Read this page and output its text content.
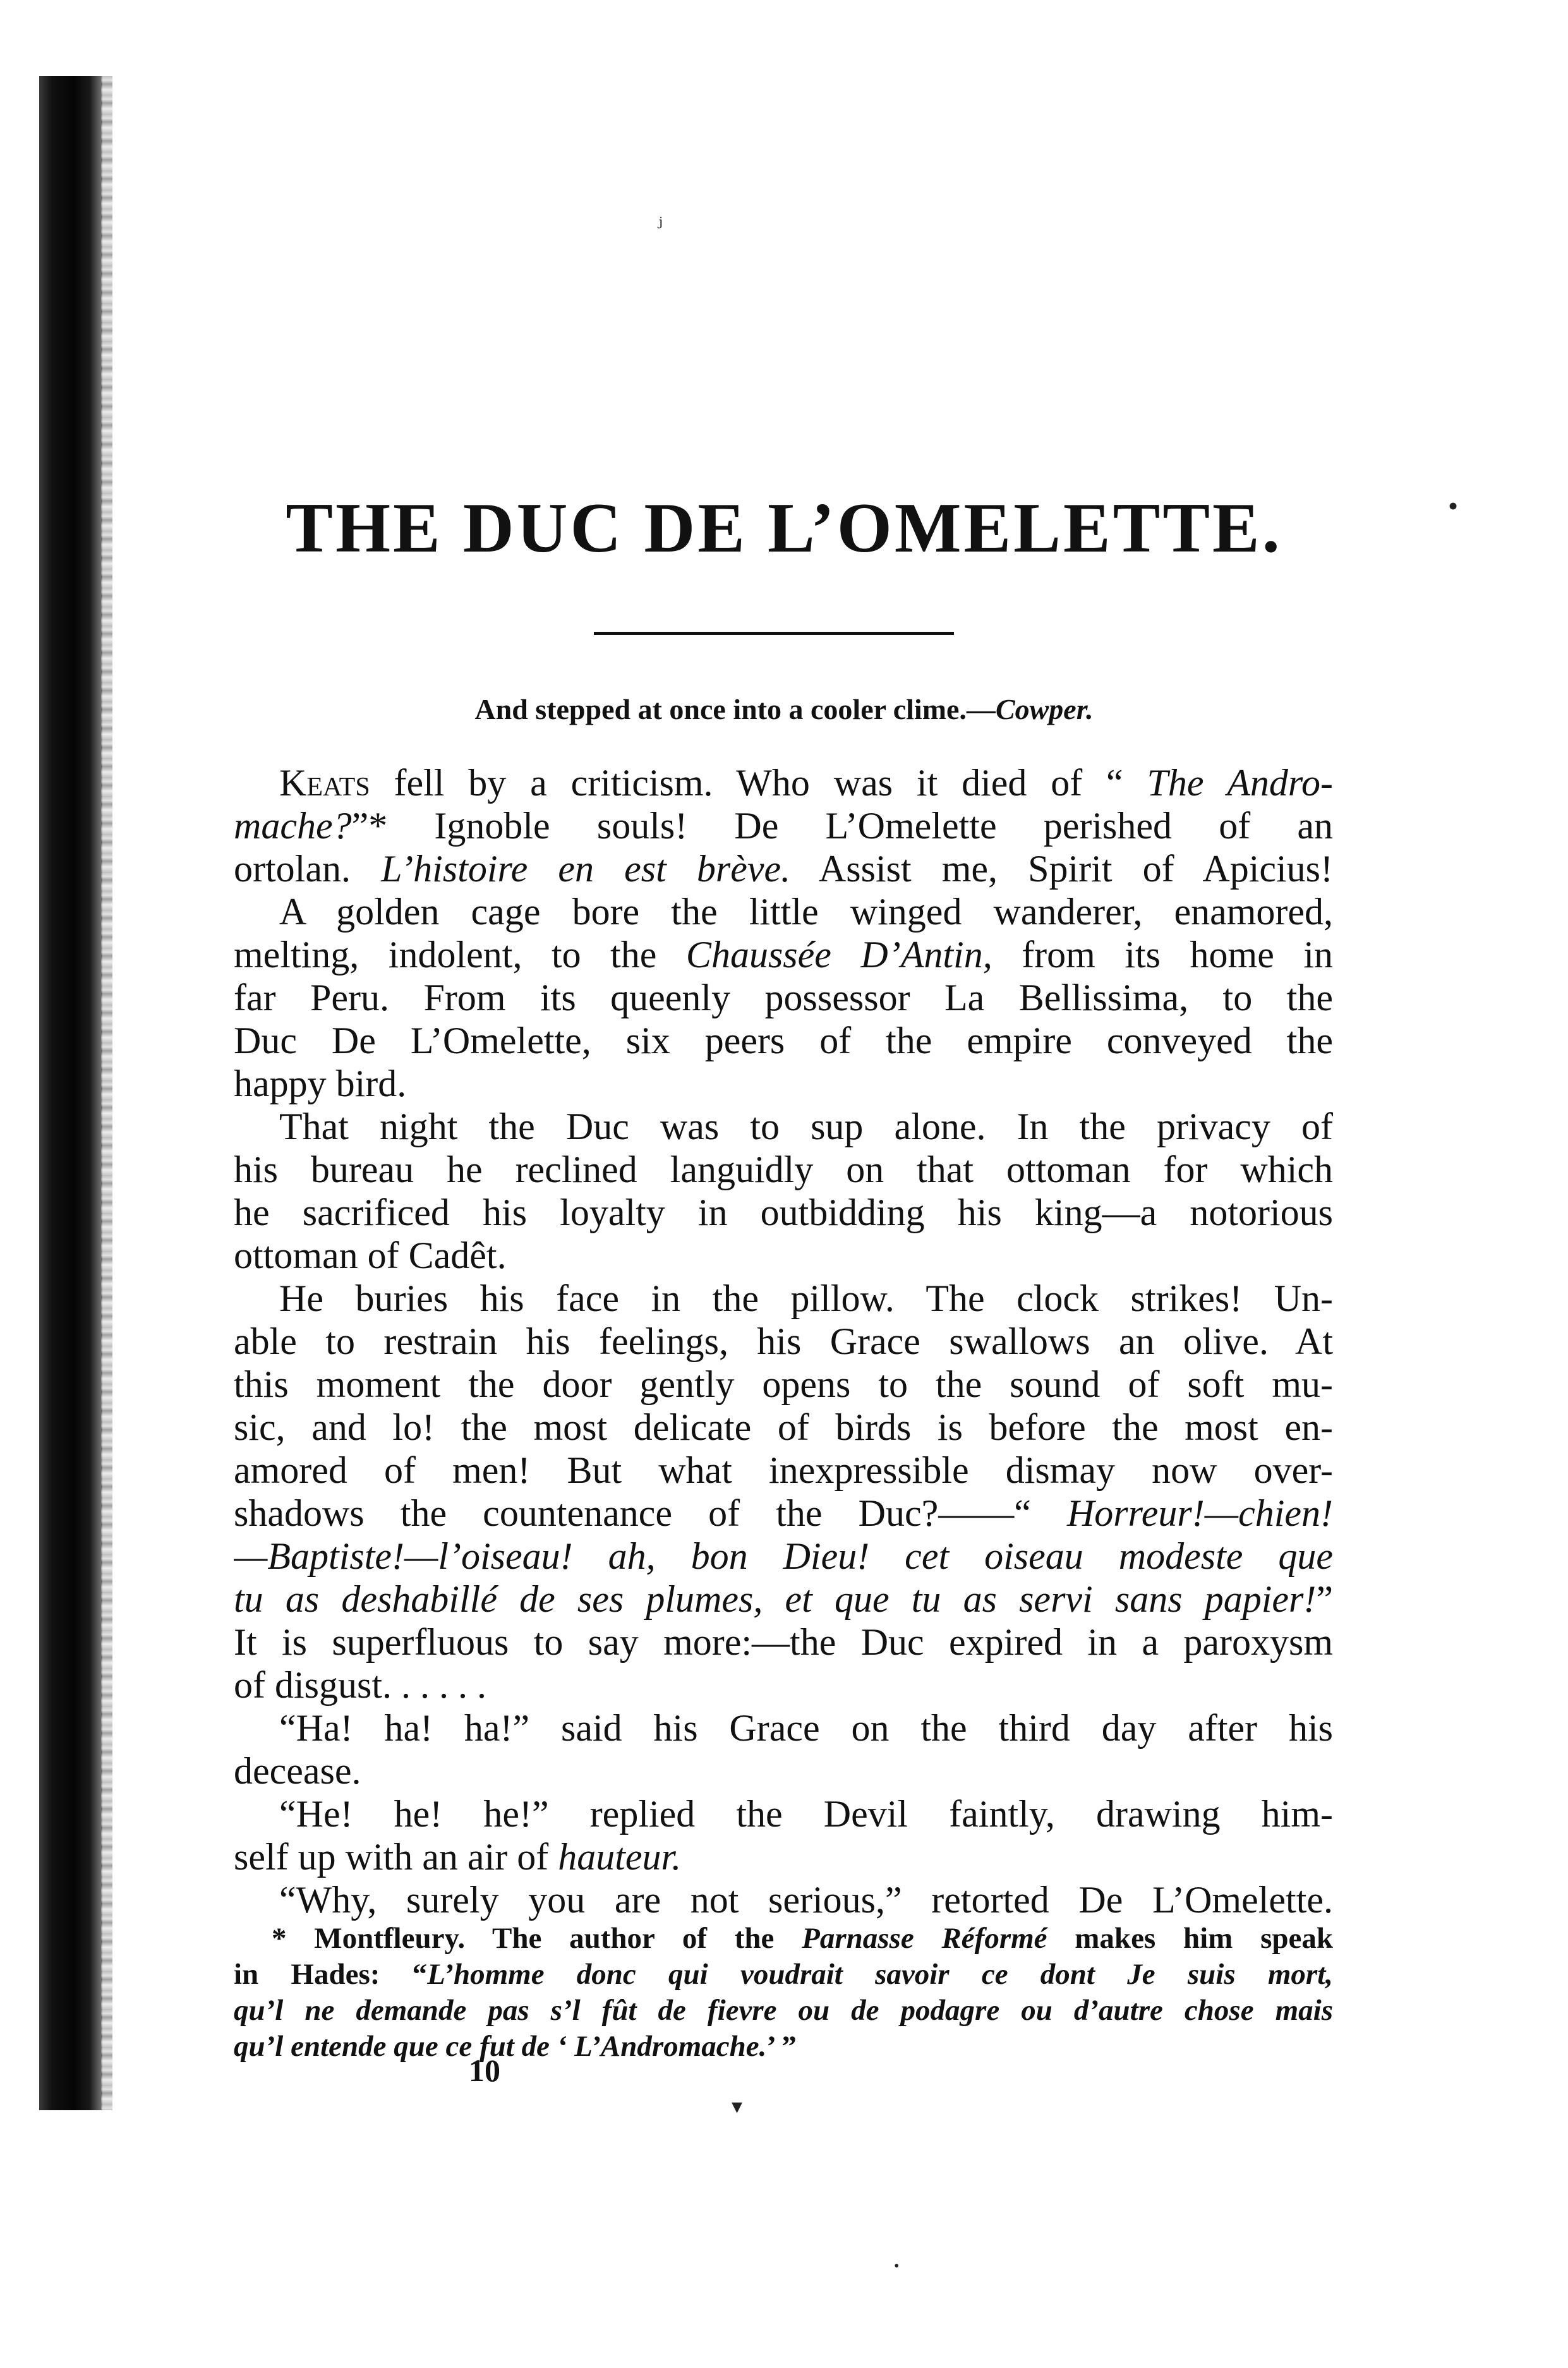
THE DUC DE L’OMELETTE.
And stepped at once into a cooler clime.—Cowper.
Keats fell by a criticism. Who was it died of “ The Andro-
mache?”* Ignoble souls! De L’Omelette perished of an
ortolan. L’histoire en est brève. Assist me, Spirit of Apicius!
A golden cage bore the little winged wanderer, enamored,
melting, indolent, to the Chaussée D’Antin, from its home in
far Peru. From its queenly possessor La Bellissima, to the
Duc De L’Omelette, six peers of the empire conveyed the
happy bird.
That night the Duc was to sup alone. In the privacy of
his bureau he reclined languidly on that ottoman for which
he sacrificed his loyalty in outbidding his king—a notorious
ottoman of Cadêt.
He buries his face in the pillow. The clock strikes! Un-
able to restrain his feelings, his Grace swallows an olive. At
this moment the door gently opens to the sound of soft mu-
sic, and lo! the most delicate of birds is before the most en-
amored of men! But what inexpressible dismay now over-
shadows the countenance of the Duc?——“ Horreur!—chien!
—Baptiste!—l’oiseau! ah, bon Dieu! cet oiseau modeste que
tu as deshabillé de ses plumes, et que tu as servi sans papier!”
It is superfluous to say more:—the Duc expired in a paroxysm
of disgust. . . . . .
“Ha! ha! ha!” said his Grace on the third day after his
decease.
“He! he! he!” replied the Devil faintly, drawing him-
self up with an air of hauteur.
“Why, surely you are not serious,” retorted De L’Omelette.
* Montfleury. The author of the Parnasse Réformé makes him speak
in Hades: “L’homme donc qui voudrait savoir ce dont Je suis mort,
qu’l ne demande pas s’l fût de fievre ou de podagre ou d’autre chose mais
qu’l entende que ce fut de ‘ L’Andromache.’ ”
10
ⱼ
•
▾
•
